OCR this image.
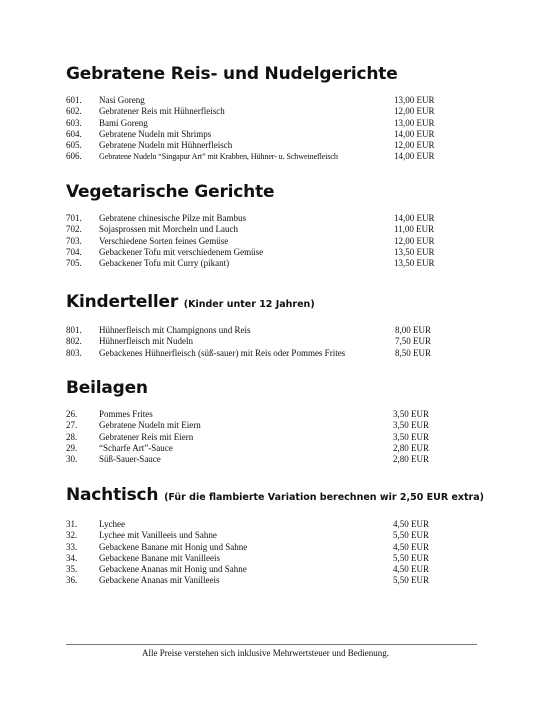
Gebratene Reis- und Nudelgerichte
601. Nasi Goreng	13,00 EUR
602. Gebratener Reis mit Hühnerfleisch	12,00 EUR
603. Bami Goreng	13,00 EUR
604. Gebratene Nudeln mit Shrimps	14,00 EUR
605. Gebratene Nudeln mit Hühnerfleisch	12,00 EUR
606. Gebratene Nudeln “Singapur Art” mit Krabben, Hühner- u. Schweinefleisch	14,00 EUR
Vegetarische Gerichte
701. Gebratene chinesische Pilze mit Bambus	14,00 EUR
702. Sojasprossen mit Morcheln und Lauch	11,00 EUR
703. Verschiedene Sorten feines Gemüse	12,00 EUR
704. Gebackener Tofu mit verschiedenem Gemüse	13,50 EUR
705. Gebackener Tofu mit Curry (pikant)	13,50 EUR
Kinderteller (Kinder unter 12 Jahren)
801. Hühnerfleisch mit Champignons und Reis	8,00 EUR
802. Hühnerfleisch mit Nudeln	7,50 EUR
803. Gebackenes Hühnerfleisch (süß-sauer) mit Reis oder Pommes Frites	8,50 EUR
Beilagen
26. Pommes Frites	3,50 EUR
27. Gebratene Nudeln mit Eiern	3,50 EUR
28. Gebratener Reis mit Eiern	3,50 EUR
29. “Scharfe Art”-Sauce	2,80 EUR
30. Süß-Sauer-Sauce	2,80 EUR
Nachtisch (Für die flambierte Variation berechnen wir 2,50 EUR extra)
31. Lychee	4,50 EUR
32. Lychee mit Vanilleeis und Sahne	5,50 EUR
33. Gebackene Banane mit Honig und Sahne	4,50 EUR
34. Gebackene Banane mit Vanilleeis	5,50 EUR
35. Gebackene Ananas mit Honig und Sahne	4,50 EUR
36. Gebackene Ananas mit Vanilleeis	5,50 EUR
Alle Preise verstehen sich inklusive Mehrwertsteuer und Bedienung.
